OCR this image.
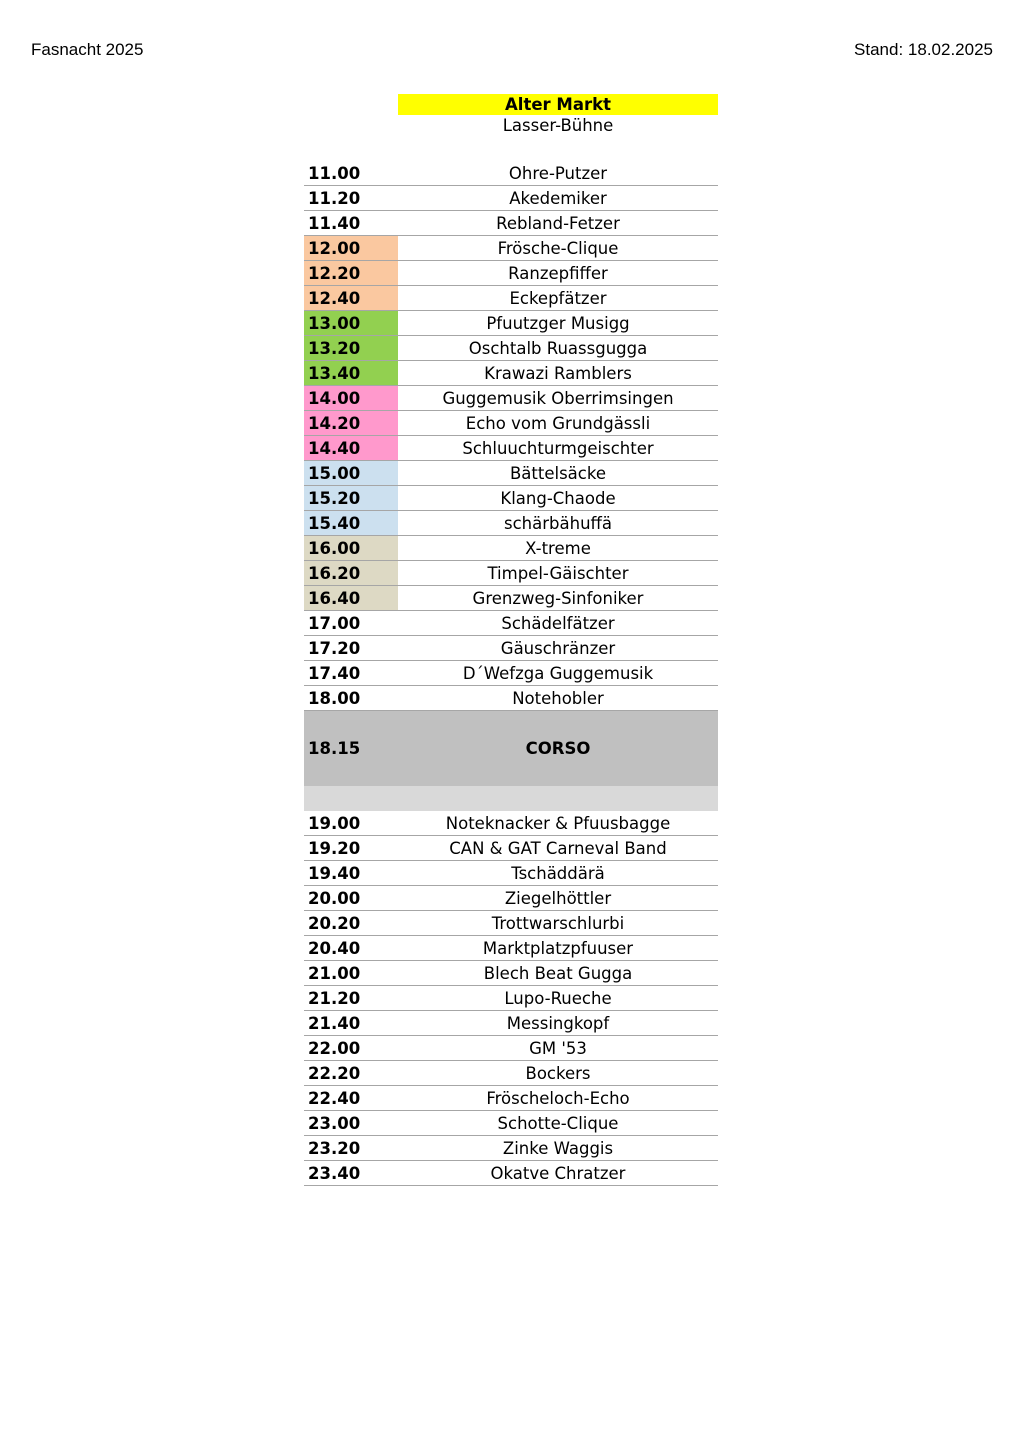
Fasnacht 2025	Stand: 18.02.2025
Alter Markt
Lasser-Bühne
11.00	Ohre-Putzer
11.20	Akedemiker
11.40	Rebland-Fetzer
12.00	Frösche-Clique
12.20	Ranzepfiffer
12.40	Eckepfätzer
13.00	Pfuutzger Musigg
13.20	Oschtalb Ruassgugga
13.40	Krawazi Ramblers
14.00	Guggemusik Oberrimsingen
14.20	Echo vom Grundgässli
14.40	Schluuchturmgeischter
15.00	Bättelsäcke
15.20	Klang-Chaode
15.40	schärbähuffä
16.00	X-treme
16.20	Timpel-Gäischter
16.40	Grenzweg-Sinfoniker
17.00	Schädelfätzer
17.20	Gäuschränzer
17.40	D´Wefzga Guggemusik
18.00	Notehobler
18.15	CORSO
19.00	Noteknacker & Pfuusbagge
19.20	CAN & GAT Carneval Band
19.40	Tschäddärä
20.00	Ziegelhöttler
20.20	Trottwarschlurbi
20.40	Marktplatzpfuuser
21.00	Blech Beat Gugga
21.20	Lupo-Rueche
21.40	Messingkopf
22.00	GM '53
22.20	Bockers
22.40	Fröscheloch-Echo
23.00	Schotte-Clique
23.20	Zinke Waggis
23.40	Okatve Chratzer
